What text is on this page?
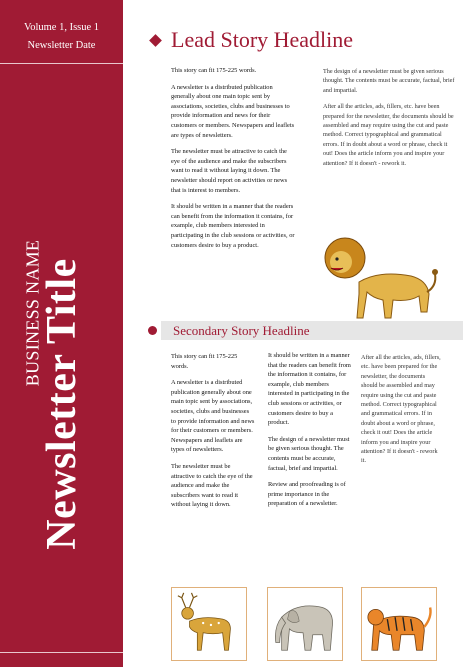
Volume 1, Issue 1
Newsletter Date
BUSINESS NAME
Newsletter Title
Lead Story Headline

This story can fit 175-225 words.

A newsletter is a distributed publication generally about one main topic sent by associations, societies, clubs and businesses to provide information and news for their customers or members. Newspapers and leaflets are types of newsletters.

The newsletter must be attractive to catch the eye of the audience and make the subscribers want to read it without laying it down. The newsletter should report on activities or news that is interest to members.

It should be written in a manner that the readers can benefit from the information it contains, for example, club members interested in participating in the club sessions or activities, or customers desire to buy a product.

The design of a newsletter must be given serious thought. The contents must be accurate, factual, brief and impartial.

After all the articles, ads, fillers, etc. have been prepared for the newsletter, the documents should be assembled and may require using the cut and paste method. Correct typographical and grammatical errors. If in doubt about a word or phrase, check it out! Does the article inform you and inspire your attention? If it doesn't - rework it.

Secondary Story Headline

This story can fit 175-225 words.

A newsletter is a distributed publication generally about one main topic sent by associations, societies, clubs and businesses to provide information and news for their customers or members. Newspapers and leaflets are types of newsletters.

The newsletter must be attractive to catch the eye of the audience and make the subscribers want to read it without laying it down.

It should be written in a manner that the readers can benefit from the information it contains, for example, club members interested in participating in the club sessions or activities, or customers desire to buy a product.

The design of a newsletter must be given serious thought. The contents must be accurate, factual, brief and impartial.

Review and proofreading is of prime importance in the preparation of a newsletter.

After all the articles, ads, fillers, etc. have been prepared for the newsletter, the documents should be assembled and may require using the cut and paste method. Correct typographical and grammatical errors. If in doubt about a word or phrase, check it out! Does the article inform you and inspire your attention? If it doesn't - rework it.
